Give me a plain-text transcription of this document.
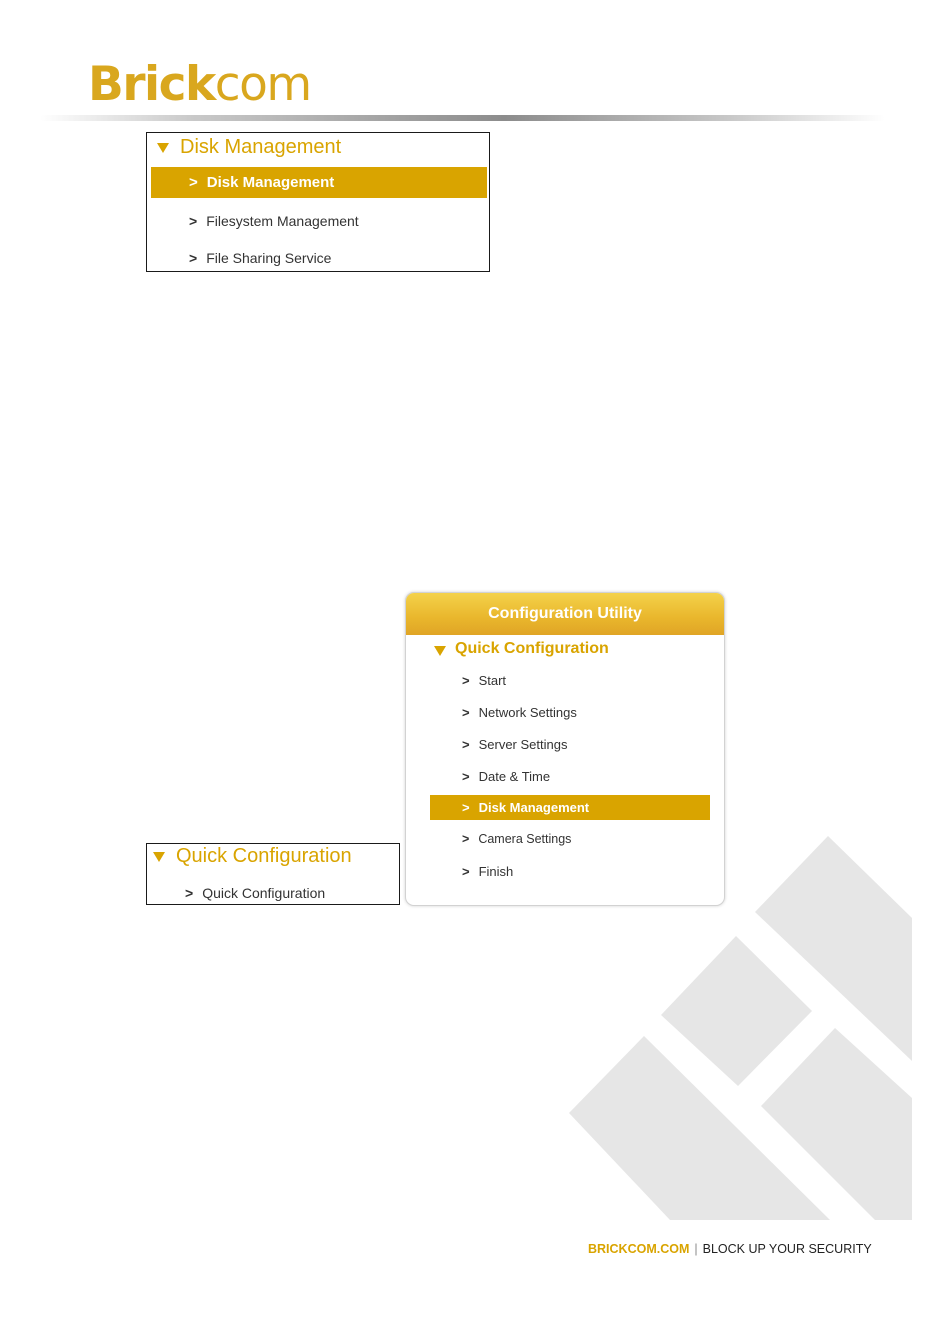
Brickcom
Disk Management
> Disk Management
> Filesystem Management
> File Sharing Service
Configuration Utility
Quick Configuration
> Start
> Network Settings
> Server Settings
> Date & Time
> Disk Management
> Camera Settings
> Finish
Quick Configuration
> Quick Configuration
BRICKCOM.COM | BLOCK UP YOUR SECURITY
